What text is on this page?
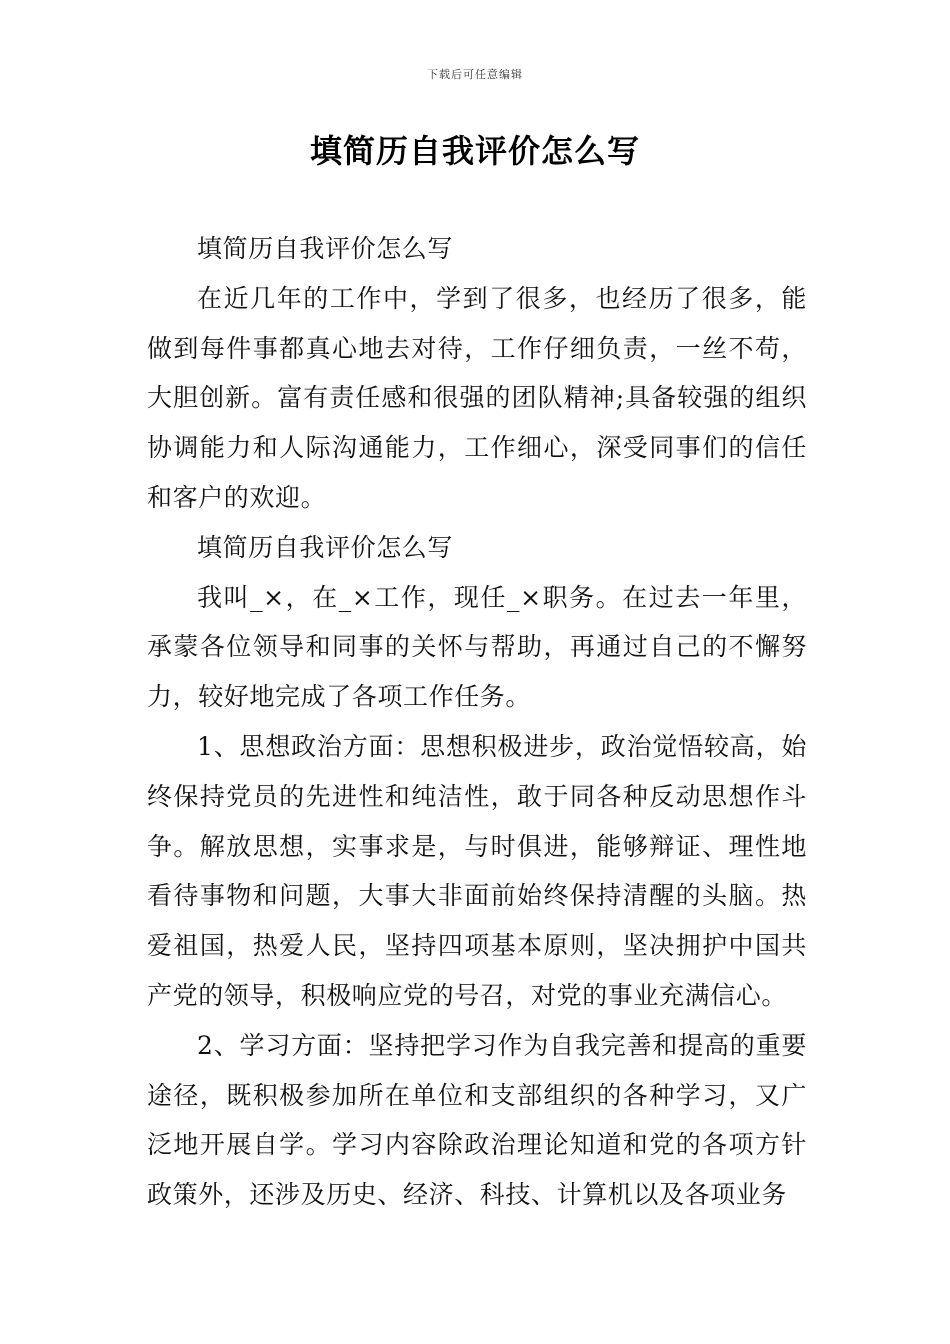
下载后可任意编辑
填简历自我评价怎么写

填简历自我评价怎么写

在近几年的工作中，学到了很多，也经历了很多，能做到每件事都真心地去对待，工作仔细负责，一丝不苟，大胆创新。富有责任感和很强的团队精神;具备较强的组织协调能力和人际沟通能力，工作细心，深受同事们的信任和客户的欢迎。

填简历自我评价怎么写

我叫_×，在_×工作，现任_×职务。在过去一年里，承蒙各位领导和同事的关怀与帮助，再通过自己的不懈努力，较好地完成了各项工作任务。

1、思想政治方面：思想积极进步，政治觉悟较高，始终保持党员的先进性和纯洁性，敢于同各种反动思想作斗争。解放思想，实事求是，与时俱进，能够辩证、理性地看待事物和问题，大事大非面前始终保持清醒的头脑。热爱祖国，热爱人民，坚持四项基本原则，坚决拥护中国共产党的领导，积极响应党的号召，对党的事业充满信心。

2、学习方面：坚持把学习作为自我完善和提高的重要途径，既积极参加所在单位和支部组织的各种学习，又广泛地开展自学。学习内容除政治理论知道和党的各项方针政策外，还涉及历史、经济、科技、计算机以及各项业务
